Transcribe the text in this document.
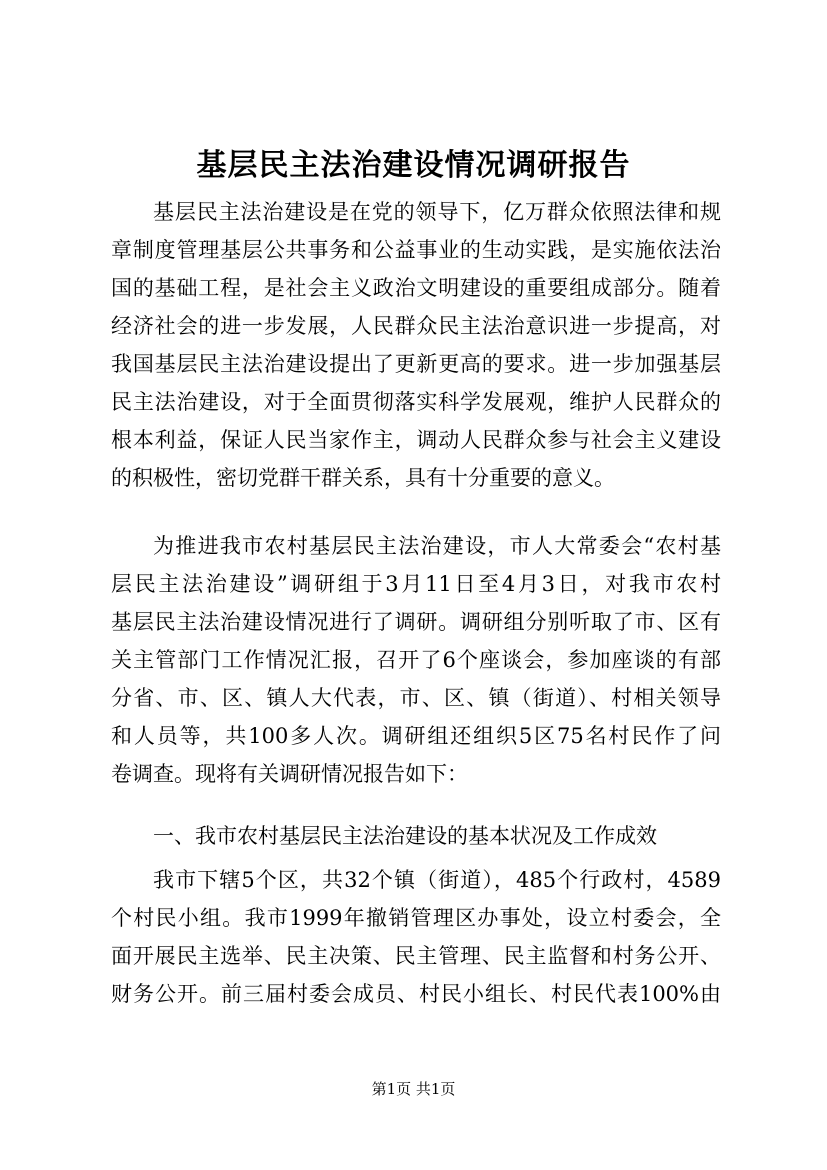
基层民主法治建设情况调研报告
基层民主法治建设是在党的领导下，亿万群众依照法律和规
章制度管理基层公共事务和公益事业的生动实践，是实施依法治
国的基础工程，是社会主义政治文明建设的重要组成部分。随着
经济社会的进一步发展，人民群众民主法治意识进一步提高，对
我国基层民主法治建设提出了更新更高的要求。进一步加强基层
民主法治建设，对于全面贯彻落实科学发展观，维护人民群众的
根本利益，保证人民当家作主，调动人民群众参与社会主义建设
的积极性，密切党群干群关系，具有十分重要的意义。
为推进我市农村基层民主法治建设，市人大常委会“农村基
层民主法治建设”调研组于3月11日至4月3日，对我市农村
基层民主法治建设情况进行了调研。调研组分别听取了市、区有
关主管部门工作情况汇报，召开了6个座谈会，参加座谈的有部
分省、市、区、镇人大代表，市、区、镇（街道）、村相关领导
和人员等，共100多人次。调研组还组织5区75名村民作了问
卷调查。现将有关调研情况报告如下：
一、我市农村基层民主法治建设的基本状况及工作成效
我市下辖5个区，共32个镇（街道），485个行政村，4589
个村民小组。我市1999年撤销管理区办事处，设立村委会，全
面开展民主选举、民主决策、民主管理、民主监督和村务公开、
财务公开。前三届村委会成员、村民小组长、村民代表100%由
第1页 共1页
